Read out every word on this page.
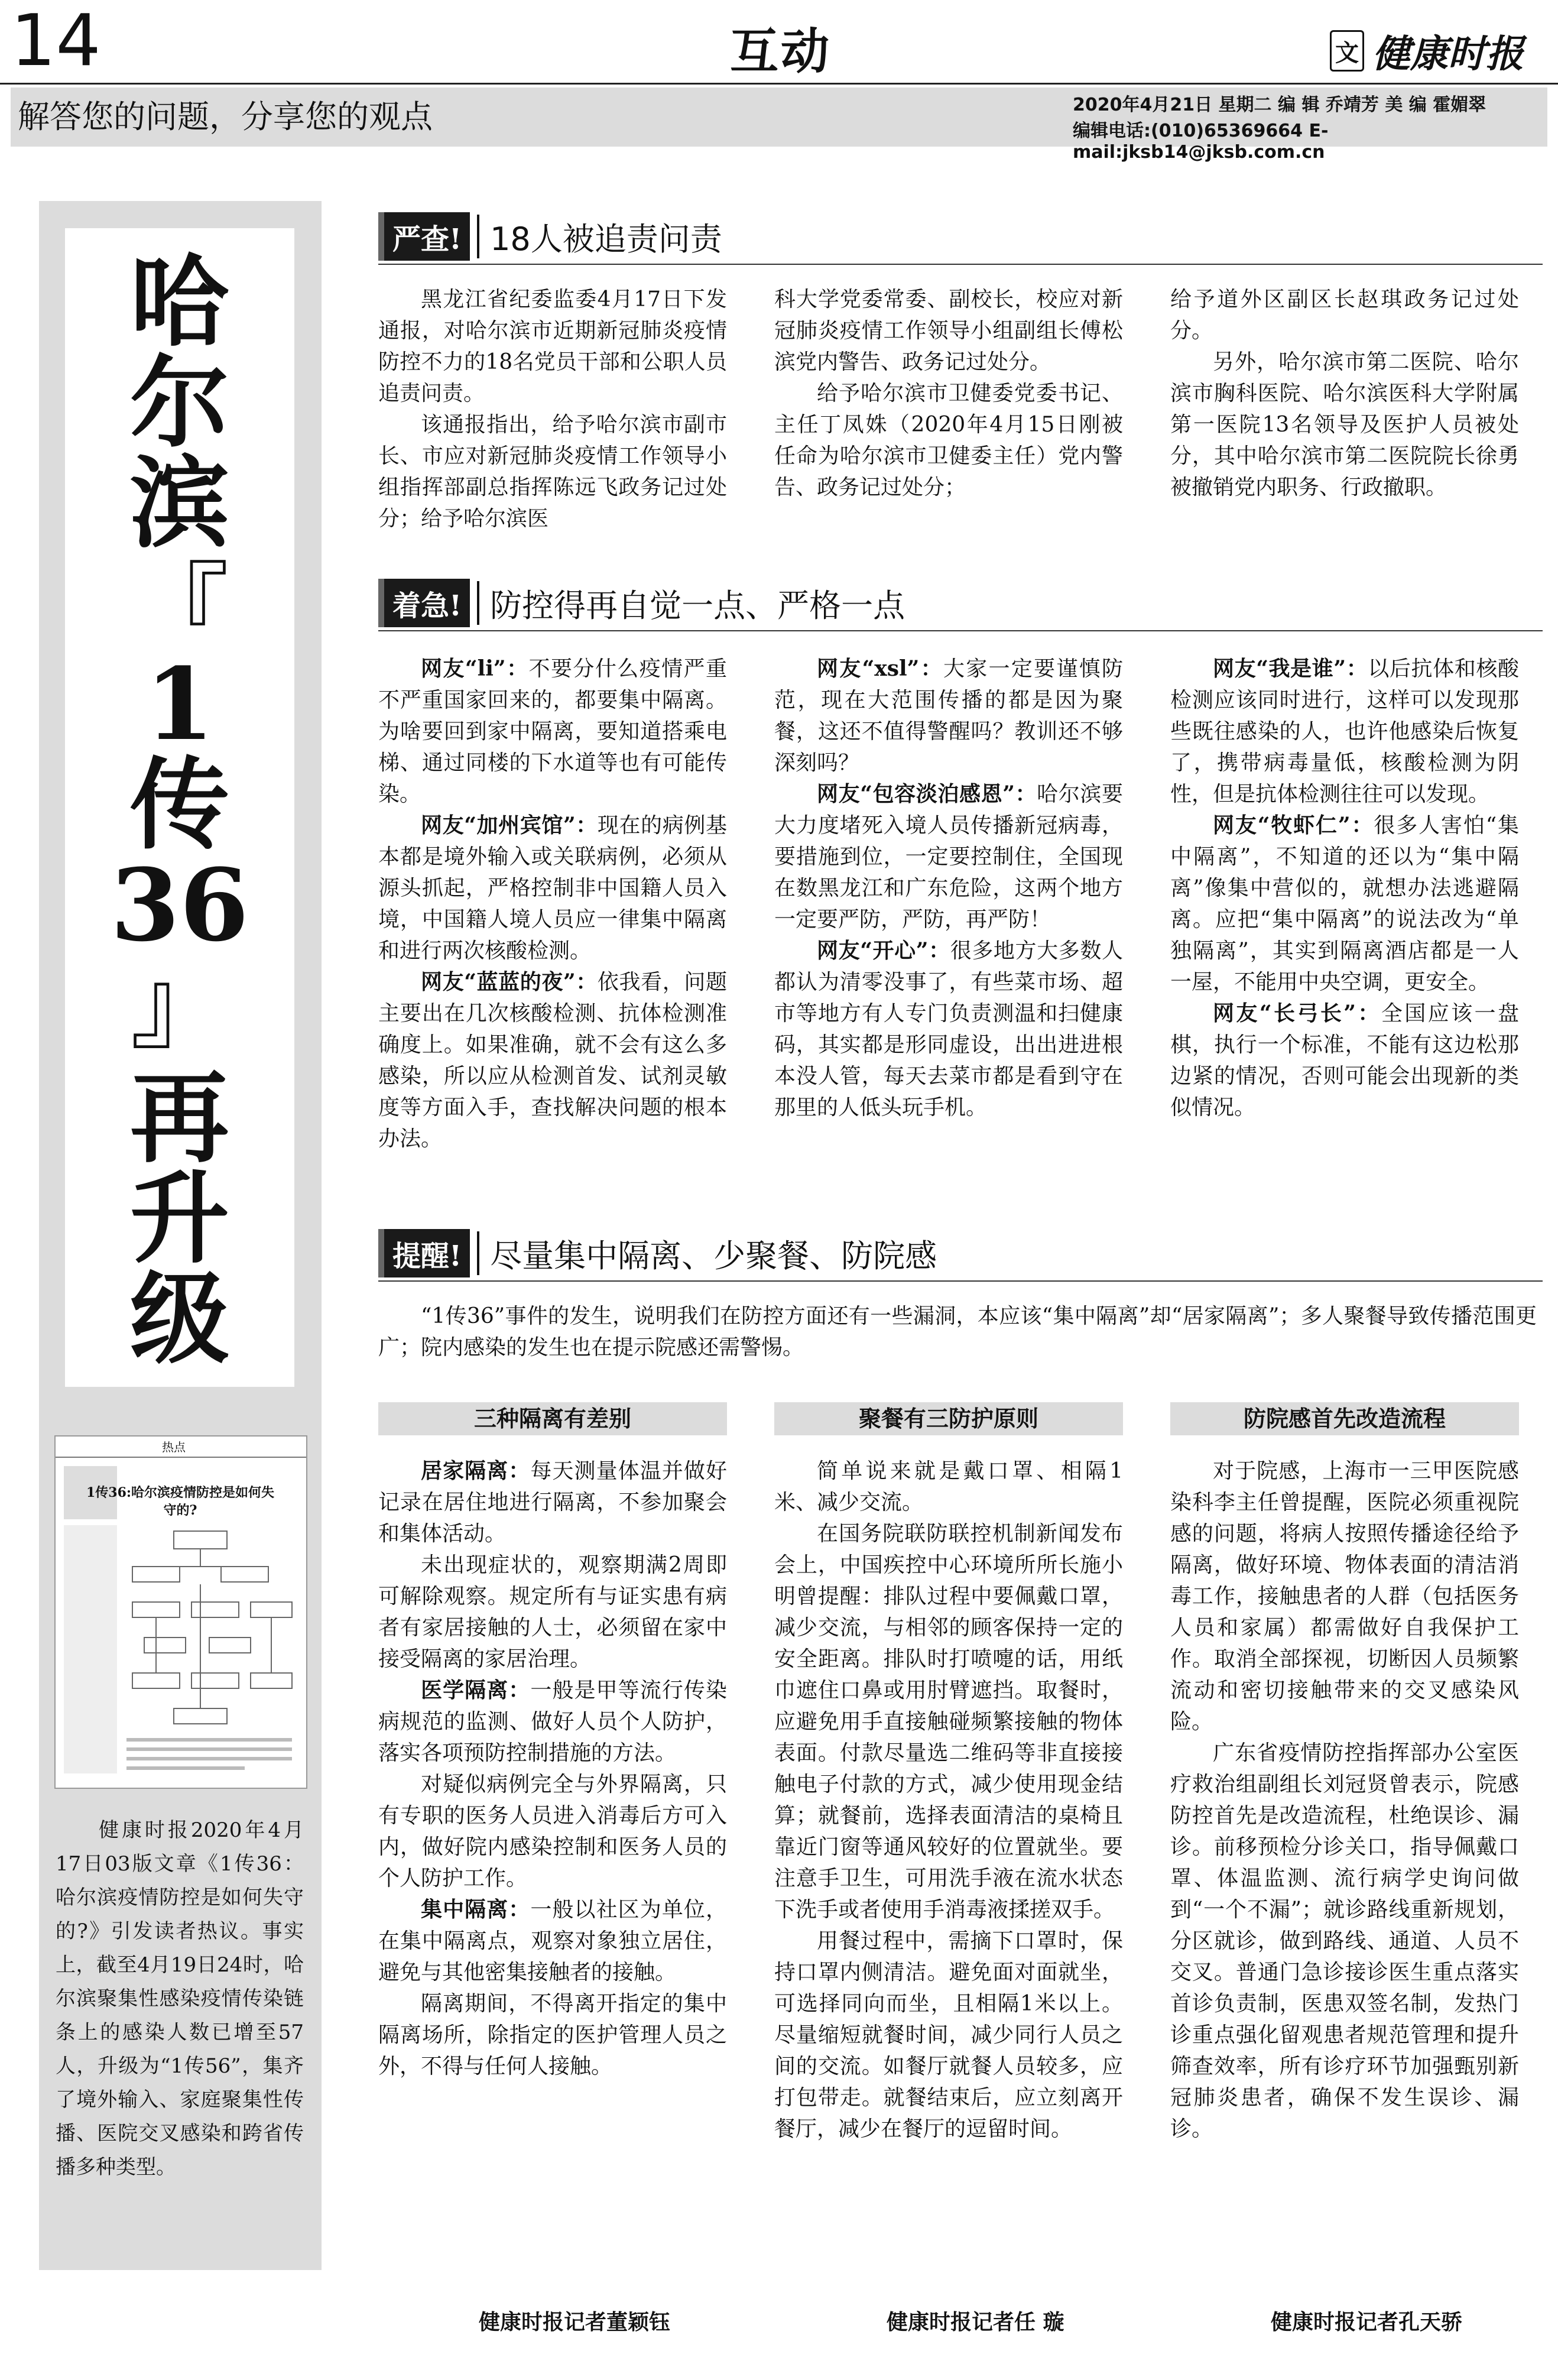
14	互动	文 健康时报
解答您的问题，分享您的观点	2020年4月21日 星期二 编 辑 乔靖芳 美 编 霍媚翠
编辑电话:(010)65369664 E-mail:jksb14@jksb.com.cn
哈
尔
滨
『
1
传
36
』
再
升
级
热点
1传36:哈尔滨疫情防控是如何失守的?
健康时报2020年4月17日03版文章《1传36：哈尔滨疫情防控是如何失守的?》引发读者热议。事实上，截至4月19日24时，哈尔滨聚集性感染疫情传染链条上的感染人数已增至57人，升级为“1传56”，集齐了境外输入、家庭聚集性传播、医院交叉感染和跨省传播多种类型。
严查! 18人被追责问责

黑龙江省纪委监委4月17日下发通报，对哈尔滨市近期新冠肺炎疫情防控不力的18名党员干部和公职人员追责问责。

该通报指出，给予哈尔滨市副市长、市应对新冠肺炎疫情工作领导小组指挥部副总指挥陈远飞政务记过处分；给予哈尔滨医

科大学党委常委、副校长，校应对新冠肺炎疫情工作领导小组副组长傅松滨党内警告、政务记过处分。

给予哈尔滨市卫健委党委书记、主任丁凤姝（2020年4月15日刚被任命为哈尔滨市卫健委主任）党内警告、政务记过处分；

给予道外区副区长赵琪政务记过处分。

另外，哈尔滨市第二医院、哈尔滨市胸科医院、哈尔滨医科大学附属第一医院13名领导及医护人员被处分，其中哈尔滨市第二医院院长徐勇被撤销党内职务、行政撤职。

着急! 防控得再自觉一点、严格一点

网友“li”：不要分什么疫情严重不严重国家回来的，都要集中隔离。为啥要回到家中隔离，要知道搭乘电梯、通过同楼的下水道等也有可能传染。

网友“加州宾馆”：现在的病例基本都是境外输入或关联病例，必须从源头抓起，严格控制非中国籍人员入境，中国籍人境人员应一律集中隔离和进行两次核酸检测。

网友“蓝蓝的夜”：依我看，问题主要出在几次核酸检测、抗体检测准确度上。如果准确，就不会有这么多感染，所以应从检测首发、试剂灵敏度等方面入手，查找解决问题的根本办法。

网友“xsl”：大家一定要谨慎防范，现在大范围传播的都是因为聚餐，这还不值得警醒吗？教训还不够深刻吗？

网友“包容淡泊感恩”：哈尔滨要大力度堵死入境人员传播新冠病毒，要措施到位，一定要控制住，全国现在数黑龙江和广东危险，这两个地方一定要严防，严防，再严防！

网友“开心”：很多地方大多数人都认为清零没事了，有些菜市场、超市等地方有人专门负责测温和扫健康码，其实都是形同虚设，出出进进根本没人管，每天去菜市都是看到守在那里的人低头玩手机。

网友“我是谁”：以后抗体和核酸检测应该同时进行，这样可以发现那些既往感染的人，也许他感染后恢复了，携带病毒量低，核酸检测为阴性，但是抗体检测往往可以发现。

网友“牧虾仁”：很多人害怕“集中隔离”，不知道的还以为“集中隔离”像集中营似的，就想办法逃避隔离。应把“集中隔离”的说法改为“单独隔离”，其实到隔离酒店都是一人一屋，不能用中央空调，更安全。

网友“长弓长”：全国应该一盘棋，执行一个标准，不能有这边松那边紧的情况，否则可能会出现新的类似情况。

提醒! 尽量集中隔离、少聚餐、防院感

“1传36”事件的发生，说明我们在防控方面还有一些漏洞，本应该“集中隔离”却“居家隔离”；多人聚餐导致传播范围更广；院内感染的发生也在提示院感还需警惕。

三种隔离有差别	聚餐有三防护原则	防院感首先改造流程

居家隔离：每天测量体温并做好记录在居住地进行隔离，不参加聚会和集体活动。

未出现症状的，观察期满2周即可解除观察。规定所有与证实患有病者有家居接触的人士，必须留在家中接受隔离的家居治理。

医学隔离：一般是甲等流行传染病规范的监测、做好人员个人防护，落实各项预防控制措施的方法。

对疑似病例完全与外界隔离，只有专职的医务人员进入消毒后方可入内，做好院内感染控制和医务人员的个人防护工作。

集中隔离：一般以社区为单位，在集中隔离点，观察对象独立居住，避免与其他密集接触者的接触。

隔离期间，不得离开指定的集中隔离场所，除指定的医护管理人员之外，不得与任何人接触。

简单说来就是戴口罩、相隔1米、减少交流。

在国务院联防联控机制新闻发布会上，中国疾控中心环境所所长施小明曾提醒：排队过程中要佩戴口罩，减少交流，与相邻的顾客保持一定的安全距离。排队时打喷嚏的话，用纸巾遮住口鼻或用肘臂遮挡。取餐时，应避免用手直接触碰频繁接触的物体表面。付款尽量选二维码等非直接接触电子付款的方式，减少使用现金结算；就餐前，选择表面清洁的桌椅且靠近门窗等通风较好的位置就坐。要注意手卫生，可用洗手液在流水状态下洗手或者使用手消毒液揉搓双手。

用餐过程中，需摘下口罩时，保持口罩内侧清洁。避免面对面就坐，可选择同向而坐，且相隔1米以上。尽量缩短就餐时间，减少同行人员之间的交流。如餐厅就餐人员较多，应打包带走。就餐结束后，应立刻离开餐厅，减少在餐厅的逗留时间。

对于院感，上海市一三甲医院感染科李主任曾提醒，医院必须重视院感的问题，将病人按照传播途径给予隔离，做好环境、物体表面的清洁消毒工作，接触患者的人群（包括医务人员和家属）都需做好自我保护工作。取消全部探视，切断因人员频繁流动和密切接触带来的交叉感染风险。

广东省疫情防控指挥部办公室医疗救治组副组长刘冠贤曾表示，院感防控首先是改造流程，杜绝误诊、漏诊。前移预检分诊关口，指导佩戴口罩、体温监测、流行病学史询问做到“一个不漏”；就诊路线重新规划，分区就诊，做到路线、通道、人员不交叉。普通门急诊接诊医生重点落实首诊负责制，医患双签名制，发热门诊重点强化留观患者规范管理和提升筛查效率，所有诊疗环节加强甄别新冠肺炎患者，确保不发生误诊、漏诊。

健康时报记者董颖钰	健康时报记者任 璇	健康时报记者孔天骄
